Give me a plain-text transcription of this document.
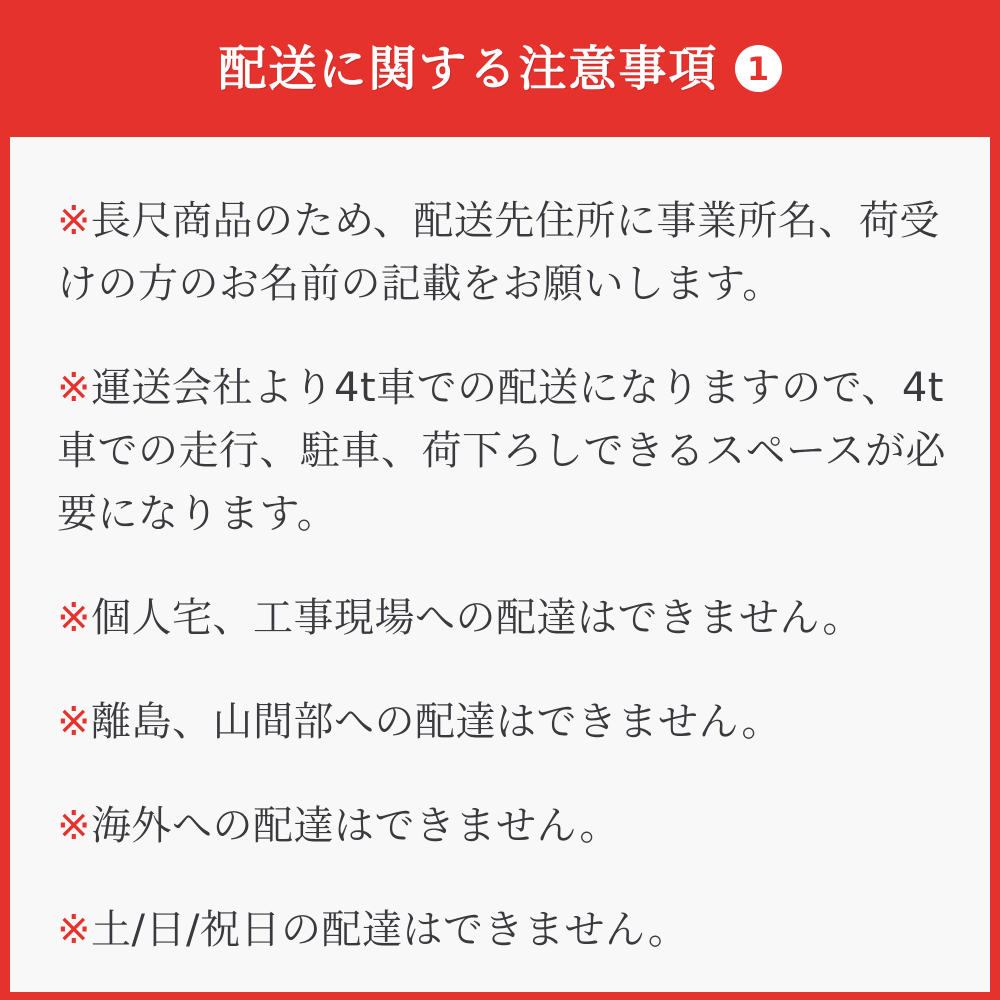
配送に関する注意事項 1

※長尺商品のため、配送先住所に事業所名、荷受けの方のお名前の記載をお願いします。

※運送会社より4t車での配送になりますので、4t車での走行、駐車、荷下ろしできるスペースが必要になります。

※個人宅、工事現場への配達はできません。

※離島、山間部への配達はできません。

※海外への配達はできません。

※土/日/祝日の配達はできません。
